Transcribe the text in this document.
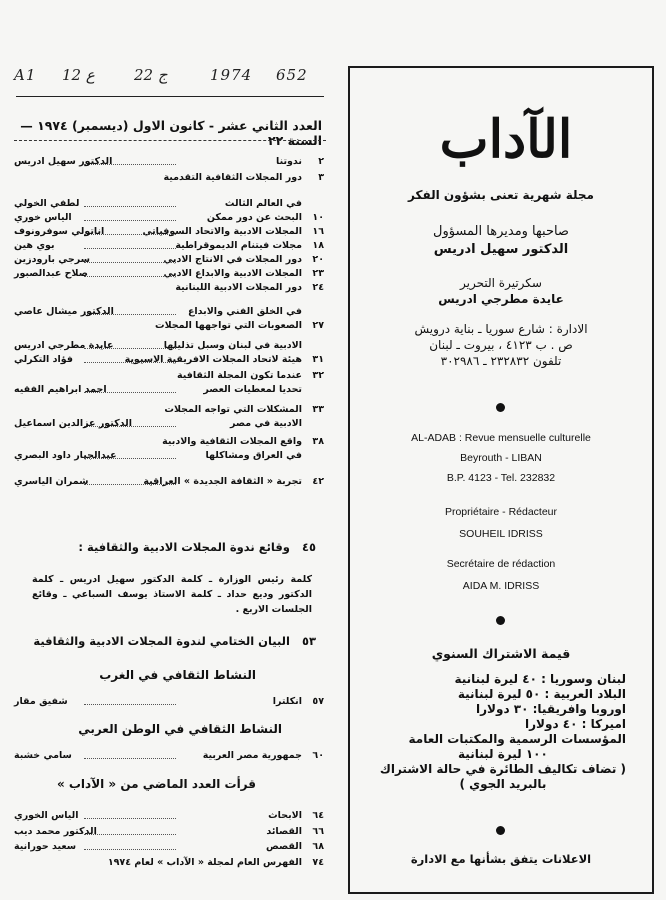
A1 12 ع	22 ج	1974 652
العدد الثاني عشر - كانون الاول (ديسمبر) ١٩٧٤ — السنة ٢٢
٢
ندوتنا
الدكتور سهيل ادريس
٣
دور المجلات الثقافية التقدمية
في العالم الثالث
لطفي الخولي
١٠
البحث عن دور ممكن
الياس خوري
١٦
المجلات الادبية والاتحاد السوفياتي
اناتولي سوفرونوف
١٨
مجلات فيتنام الديموقراطية
بوي هين
٢٠
دور المجلات في الانتاج الادبي
سرجي بارودزين
٢٣
المجلات الادبية والابداع الادبي
صلاح عبدالصبور
٢٤
دور المجلات الادبية اللبنانية
في الخلق الفني والابداع
الدكتور ميشال عاصي
٢٧
الصعوبات التي تواجهها المجلات
الادبية في لبنان وسبل تذليلها
عايدة مطرجي ادريس
٣١
هيئة لاتحاد المجلات الافريقية الاسيوية
فؤاد التكرلي
٣٢
عندما تكون المجلة الثقافية
تحديا لمعطيات العصر
احمد ابراهيم الفقيه
٣٣
المشكلات التي تواجه المجلات
الادبية في مصر
الدكتور عزالدين اسماعيل
٣٨
واقع المجلات الثقافية والادبية
في العراق ومشاكلها
عبدالجبار داود البصري
٤٢
تجربة « الثقافة الجديدة » العراقية
شمران الياسري
٤٥   وقائع ندوة المجلات الادبية والثقافية :
كلمة رئيس الوزارة ـ كلمة الدكتور سهيل ادريس ـ كلمة الدكتور وديع حداد ـ كلمة الاستاذ يوسف السباعي ـ وقائع الجلسات الاربع .
٥٣   البيان الختامي لندوة المجلات الادبية والثقافية
النشاط الثقافي في الغرب
٥٧
انكلترا
شفيق مقار
النشاط الثقافي في الوطن العربي
٦٠
جمهورية مصر العربية
سامي خشبة
قرأت العدد الماضي من « الآداب »
٦٤
الابحاث
الياس الخوري
٦٦
القصائد
الدكتور محمد ديب
٦٨
القصص
سعيد حورانية
٧٤
الفهرس العام لمجلة « الآداب » لعام ١٩٧٤
الآداب
مجلة شهرية تعنى بشؤون الفكر
صاحبها ومديرها المسؤول
الدكتور سهيل ادريس
سكرتيرة التحرير
عايدة مطرجي ادريس
الادارة : شارع سوريا ـ بناية درويش
ص . ب ٤١٢٣ ، بيروت ـ لبنان
تلفون ٢٣٢٨٣٢ ـ ٣٠٢٩٨٦
AL-ADAB : Revue mensuelle culturelle
Beyrouth - LIBAN
B.P. 4123 - Tel. 232832
Propriétaire - Rédacteur
SOUHEIL IDRISS
Secrétaire de rédaction
AIDA M. IDRISS
قيمة الاشتراك السنوي
لبنان وسوريا : ٤٠ ليرة لبنانية
البلاد العربية : ٥٠ ليرة لبنانية
اوروبا وافريقيا: ٣٠ دولارا
اميركا : ٤٠ دولارا
المؤسسات الرسمية والمكتبات العامة
١٠٠ ليرة لبنانية
( تضاف تكاليف الطائرة في حالة الاشتراك
بالبريد الجوي )
الاعلانات يتفق بشأنها مع الادارة
